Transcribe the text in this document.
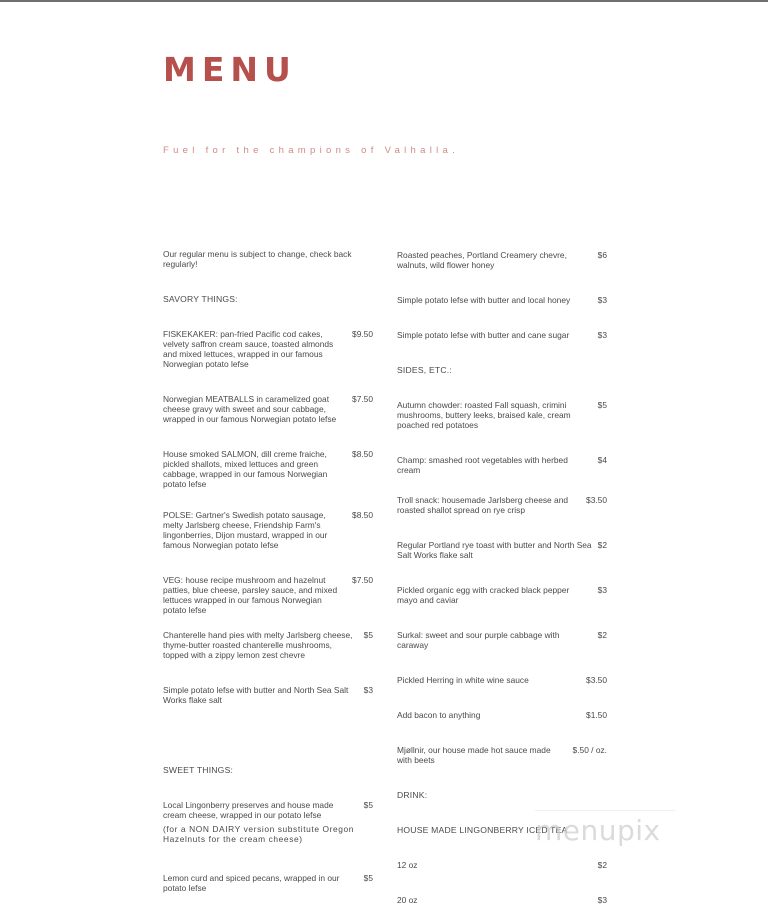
MENU
Fuel for the champions of Valhalla.
Our regular menu is subject to change, check back regularly!
SAVORY THINGS:
FISKEKAKER: pan-fried Pacific cod cakes, velvety saffron cream sauce, toasted almonds and mixed lettuces, wrapped in our famous Norwegian potato lefse
$9.50
Norwegian MEATBALLS in caramelized goat cheese gravy with sweet and sour cabbage, wrapped in our famous Norwegian potato lefse
$7.50
House smoked SALMON, dill creme fraiche, pickled shallots, mixed lettuces and green cabbage, wrapped in our famous Norwegian potato lefse
$8.50
POLSE: Gartner's Swedish potato sausage, melty Jarlsberg cheese, Friendship Farm's lingonberries, Dijon mustard, wrapped in our famous Norwegian potato lefse
$8.50
VEG: house recipe mushroom and hazelnut patties, blue cheese, parsley sauce, and mixed lettuces wrapped in our famous Norwegian potato lefse
$7.50
Chanterelle hand pies with melty Jarlsberg cheese, thyme-butter roasted chanterelle mushrooms, topped with a zippy lemon zest chevre
$5
Simple potato lefse with butter and North Sea Salt Works flake salt
$3
SWEET THINGS:
Local Lingonberry preserves and house made cream cheese, wrapped in our potato lefse
$5
(for a NON DAIRY version substitute Oregon Hazelnuts for the cream cheese)
Lemon curd and spiced pecans, wrapped in our potato lefse
$5
Roasted peaches, Portland Creamery chevre, walnuts, wild flower honey
$6
Simple potato lefse with butter and local honey	$3
Simple potato lefse with butter and cane sugar	$3
SIDES, ETC.:
Autumn chowder: roasted Fall squash, crimini mushrooms, buttery leeks, braised kale, cream poached red potatoes
$5
Champ: smashed root vegetables with herbed cream
$4
Troll snack: housemade Jarlsberg cheese and roasted shallot spread on rye crisp
$3.50
Regular Portland rye toast with butter and North Sea Salt Works flake salt
$2
Pickled organic egg with cracked black pepper mayo and caviar
$3
Surkal: sweet and sour purple cabbage with caraway
$2
Pickled Herring in white wine sauce	$3.50
Add bacon to anything	$1.50
Mjøllnir, our house made hot sauce made with beets
$.50 / oz.
DRINK:
HOUSE MADE LINGONBERRY ICED TEA
12 oz	$2
20 oz	$3
menupix
